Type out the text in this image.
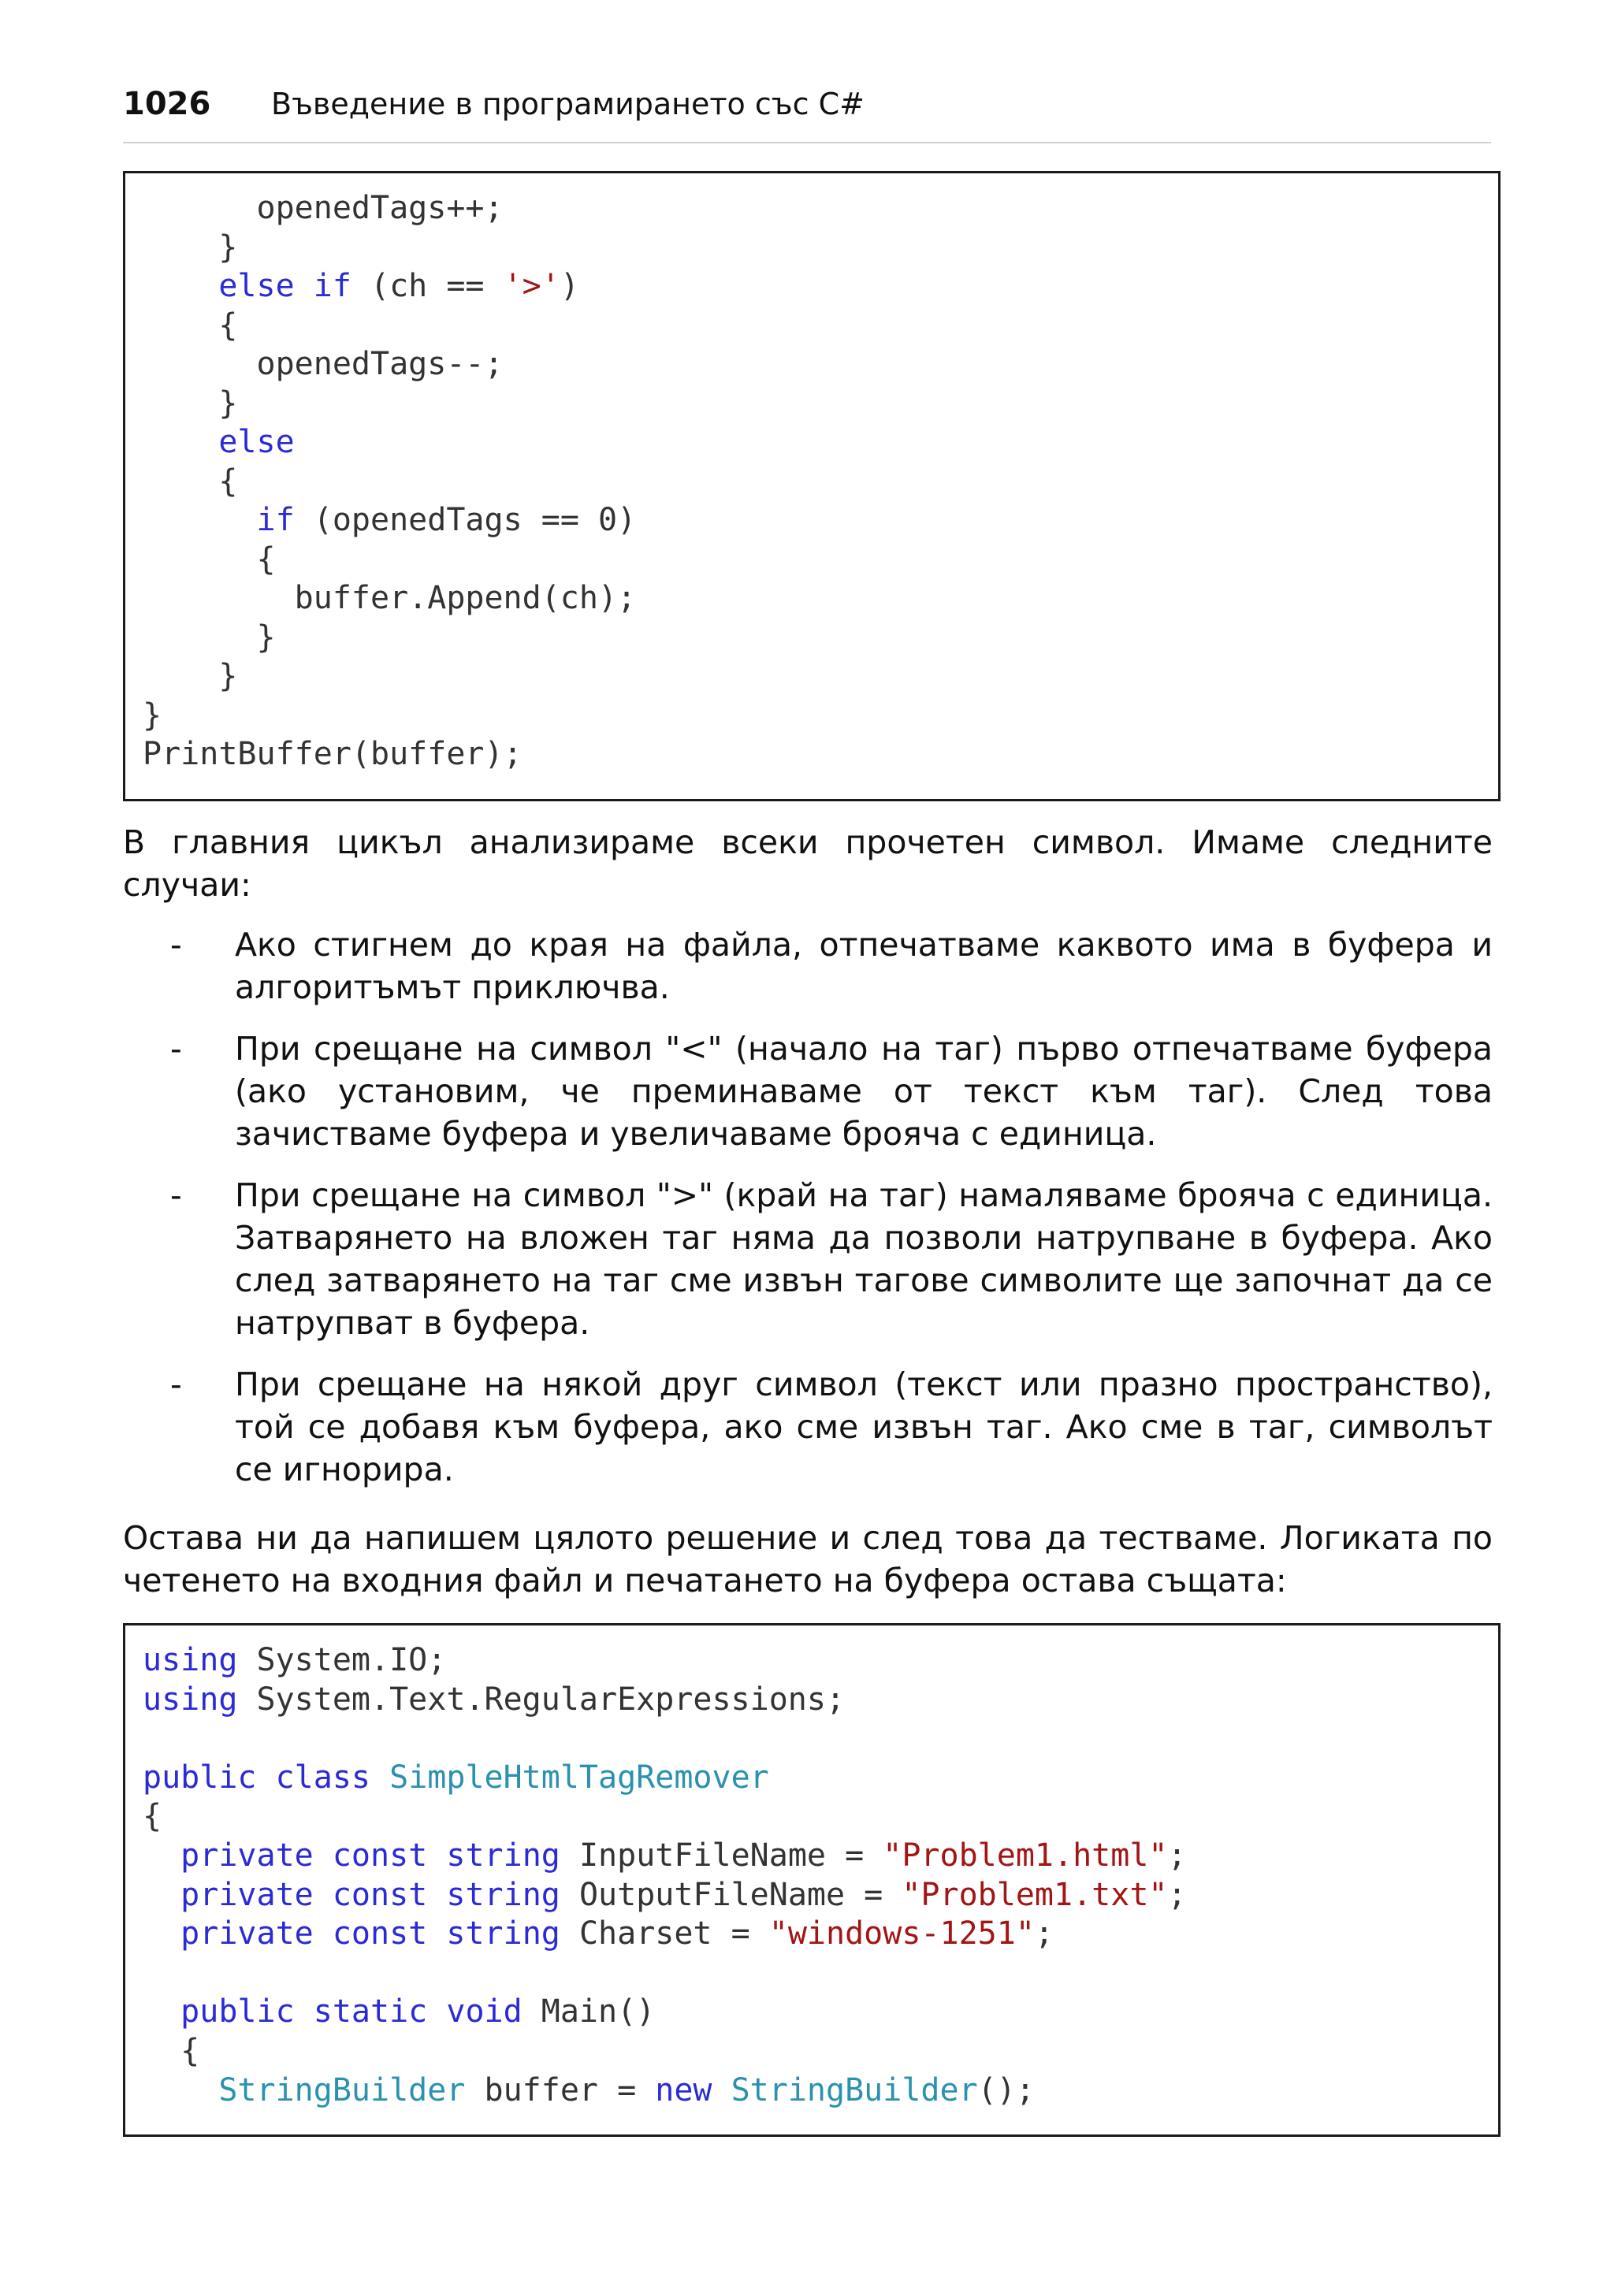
1026 Въведение в програмирането със C#
openedTags++;
}
else if (ch == '>')
{
openedTags--;
}
else
{
if (openedTags == 0)
{
buffer.Append(ch);
}
}
}
PrintBuffer(buffer);

В главния цикъл анализираме всеки прочетен символ. Имаме следните случаи:

- Ако стигнем до края на файла, отпечатваме каквото има в буфера и алгоритъмът приключва.
- При срещане на символ "<" (начало на таг) първо отпечатваме буфера (ако установим, че преминаваме от текст към таг). След това зачистваме буфера и увеличаваме брояча с единица.
- При срещане на символ ">" (край на таг) намаляваме брояча с единица. Затварянето на вложен таг няма да позволи натрупване в буфера. Ако след затварянето на таг сме извън тагове символите ще започнат да се натрупват в буфера.
- При срещане на някой друг символ (текст или празно пространство), той се добавя към буфера, ако сме извън таг. Ако сме в таг, символът се игнорира.

Остава ни да напишем цялото решение и след това да тестваме. Логиката по четенето на входния файл и печатането на буфера остава същата:

using System.IO;
using System.Text.RegularExpressions;
public class SimpleHtmlTagRemover
{
private const string InputFileName = "Problem1.html";
private const string OutputFileName = "Problem1.txt";
private const string Charset = "windows-1251";
public static void Main()
{
StringBuilder buffer = new StringBuilder();
